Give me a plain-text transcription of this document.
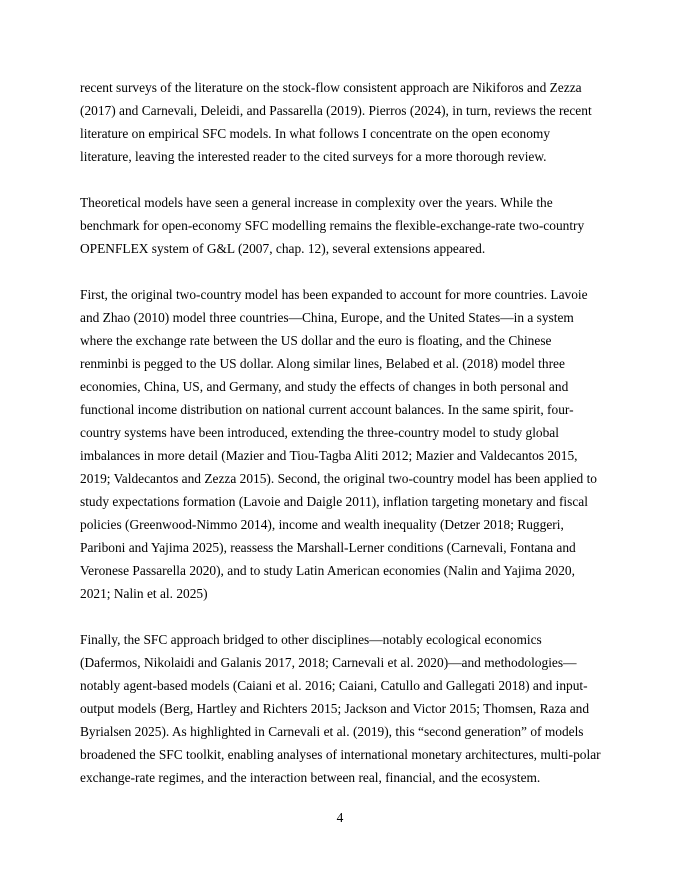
recent surveys of the literature on the stock-flow consistent approach are Nikiforos and Zezza
(2017) and Carnevali, Deleidi, and Passarella (2019). Pierros (2024), in turn, reviews the recent
literature on empirical SFC models. In what follows I concentrate on the open economy
literature, leaving the interested reader to the cited surveys for a more thorough review.

Theoretical models have seen a general increase in complexity over the years. While the
benchmark for open-economy SFC modelling remains the flexible-exchange-rate two-country
OPENFLEX system of G&L (2007, chap. 12), several extensions appeared.

First, the original two-country model has been expanded to account for more countries. Lavoie
and Zhao (2010) model three countries—China, Europe, and the United States—in a system
where the exchange rate between the US dollar and the euro is floating, and the Chinese
renminbi is pegged to the US dollar. Along similar lines, Belabed et al. (2018) model three
economies, China, US, and Germany, and study the effects of changes in both personal and
functional income distribution on national current account balances. In the same spirit, four-
country systems have been introduced, extending the three-country model to study global
imbalances in more detail (Mazier and Tiou-Tagba Aliti 2012; Mazier and Valdecantos 2015,
2019; Valdecantos and Zezza 2015). Second, the original two-country model has been applied to
study expectations formation (Lavoie and Daigle 2011), inflation targeting monetary and fiscal
policies (Greenwood-Nimmo 2014), income and wealth inequality (Detzer 2018; Ruggeri,
Pariboni and Yajima 2025), reassess the Marshall-Lerner conditions (Carnevali, Fontana and
Veronese Passarella 2020), and to study Latin American economies (Nalin and Yajima 2020,
2021; Nalin et al. 2025)

Finally, the SFC approach bridged to other disciplines—notably ecological economics
(Dafermos, Nikolaidi and Galanis 2017, 2018; Carnevali et al. 2020)—and methodologies—
notably agent-based models (Caiani et al. 2016; Caiani, Catullo and Gallegati 2018) and input-
output models (Berg, Hartley and Richters 2015; Jackson and Victor 2015; Thomsen, Raza and
Byrialsen 2025). As highlighted in Carnevali et al. (2019), this “second generation” of models
broadened the SFC toolkit, enabling analyses of international monetary architectures, multi-polar
exchange-rate regimes, and the interaction between real, financial, and the ecosystem.

4
